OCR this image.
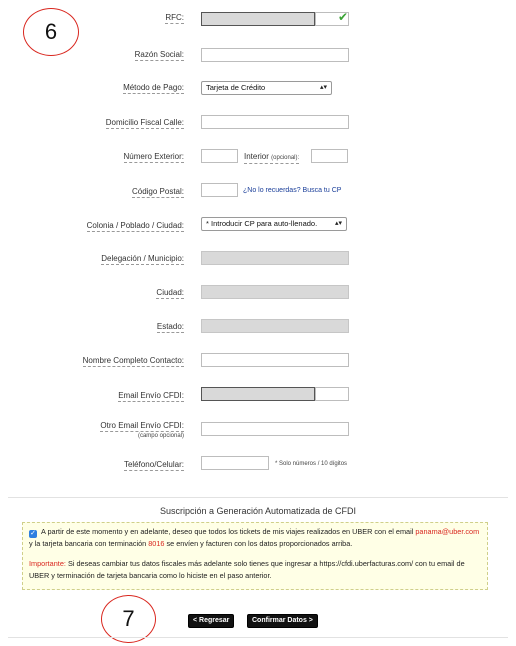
6
RFC:	✔
Razón Social:
Método de Pago:	Tarjeta de Crédito	▴▾
Domicilio Fiscal Calle:
Número Exterior:	Interior (opcional):
Código Postal:	¿No lo recuerdas? Busca tu CP
Colonia / Poblado / Ciudad:	* Introducir CP para auto-llenado.	▴▾
Delegación / Municipio:
Ciudad:
Estado:
Nombre Completo Contacto:
Email Envío CFDI:
Otro Email Envío CFDI:
(campo opcional)
Teléfono/Celular:	* Solo números / 10 dígitos
Suscripción a Generación Automatizada de CFDI
✓ A partir de este momento y en adelante, deseo que todos los tickets de mis viajes realizados en UBER con el email panama@uber.com y la tarjeta bancaria con terminación 8016 se envíen y facturen con los datos proporcionados arriba.
Importante: Si deseas cambiar tus datos fiscales más adelante solo tienes que ingresar a https://cfdi.uberfacturas.com/ con tu email de UBER y terminación de tarjeta bancaria como lo hiciste en el paso anterior.
7	< Regresar	Confirmar Datos >
